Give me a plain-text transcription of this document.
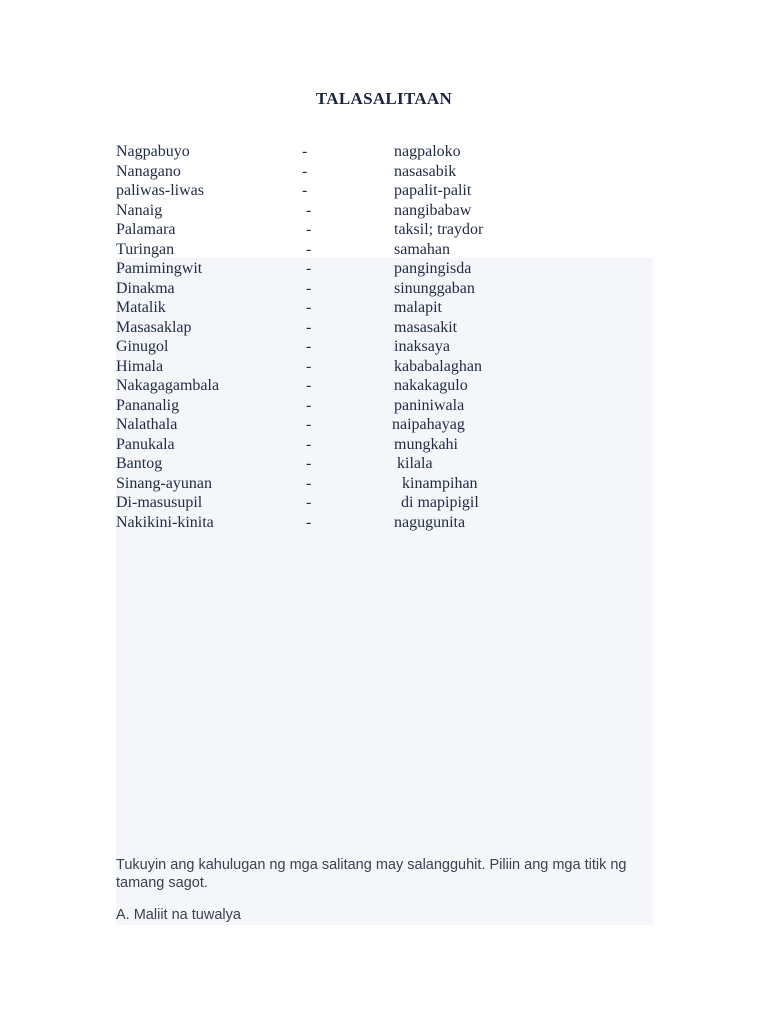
TALASALITAAN
Nagpabuyo	-	nagpaloko
Nanagano	-	nasasabik
paliwas-liwas	-	papalit-palit
Nanaig	-	nangibabaw
Palamara	-	taksil; traydor
Turingan	-	samahan
Pamimingwit	-	pangingisda
Dinakma	-	sinunggaban
Matalik	-	malapit
Masasaklap	-	masasakit
Ginugol	-	inaksaya
Himala	-	kababalaghan
Nakagagambala	-	nakakagulo
Pananalig	-	paniniwala
Nalathala	-	naipahayag
Panukala	-	mungkahi
Bantog	-	kilala
Sinang-ayunan	-	kinampihan
Di-masusupil	-	di mapipigil
Nakikini-kinita	-	nagugunita
Tukuyin ang kahulugan ng mga salitang may salangguhit. Piliin ang mga titik ng tamang sagot.
A. Maliit na tuwalya
